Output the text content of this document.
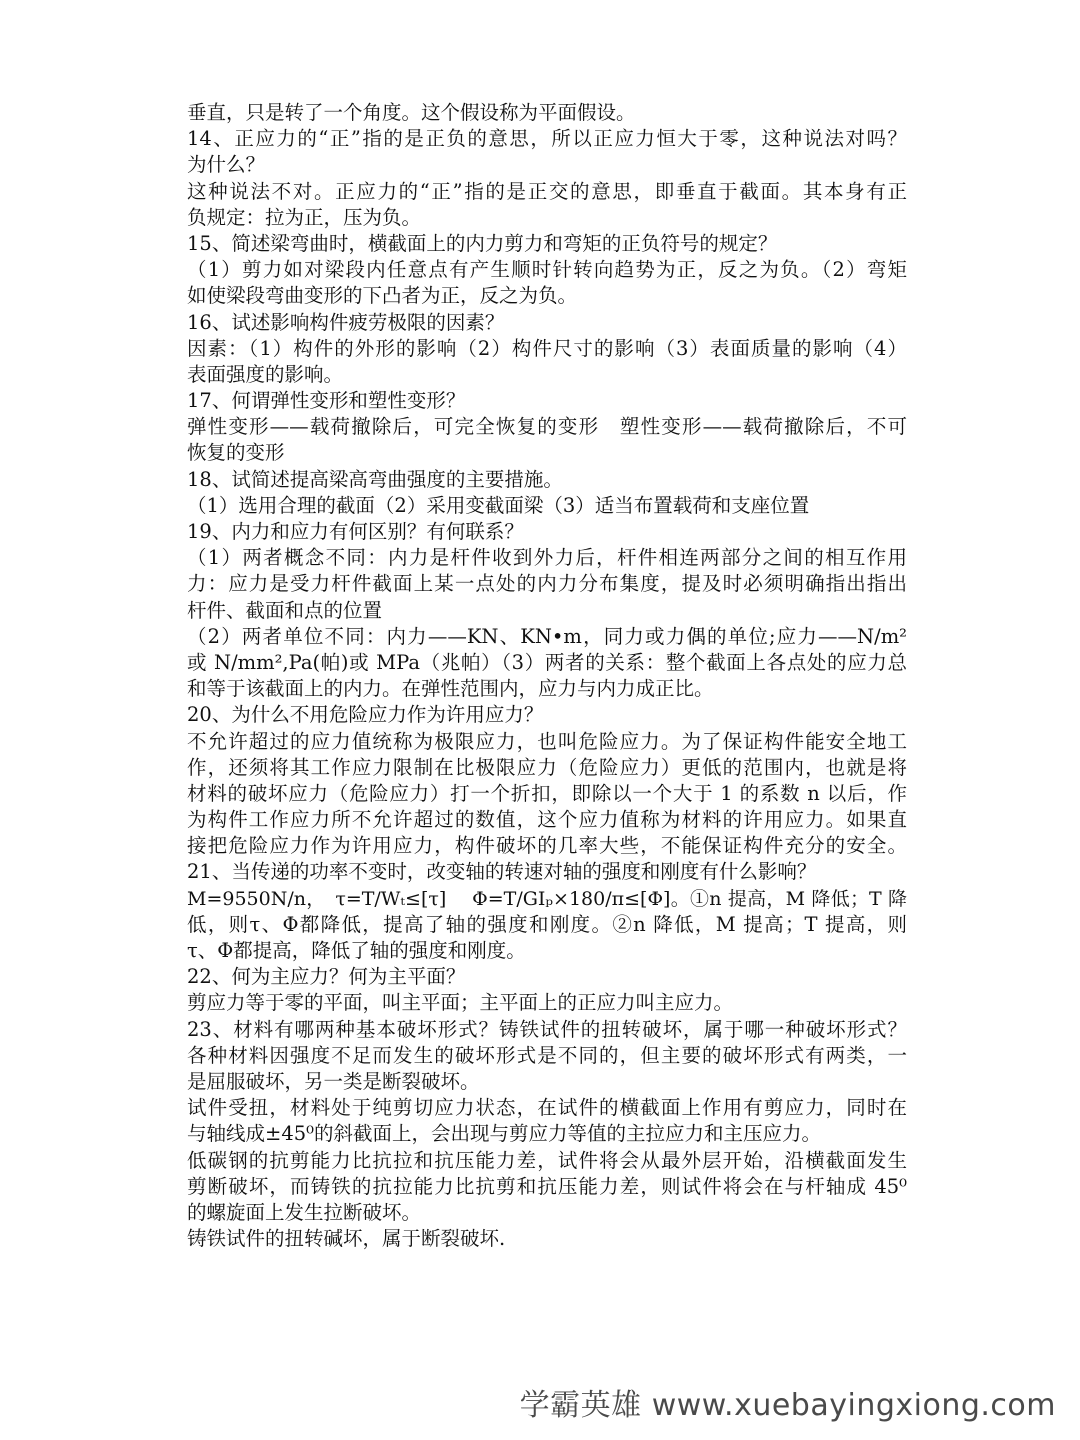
垂直，只是转了一个角度。这个假设称为平面假设。
14、正应力的“正”指的是正负的意思，所以正应力恒大于零，这种说法对吗？
为什么？
这种说法不对。正应力的“正”指的是正交的意思，即垂直于截面。其本身有正
负规定：拉为正，压为负。
15、简述梁弯曲时，横截面上的内力剪力和弯矩的正负符号的规定？
（1）剪力如对梁段内任意点有产生顺时针转向趋势为正，反之为负。（2）弯矩
如使梁段弯曲变形的下凸者为正，反之为负。
16、试述影响构件疲劳极限的因素？
因素：（1）构件的外形的影响（2）构件尺寸的影响（3）表面质量的影响（4）
表面强度的影响。
17、何谓弹性变形和塑性变形？
弹性变形——载荷撤除后，可完全恢复的变形　塑性变形——载荷撤除后，不可
恢复的变形
18、试简述提高梁高弯曲强度的主要措施。
（1）选用合理的截面（2）采用变截面梁（3）适当布置载荷和支座位置
19、内力和应力有何区别？有何联系？
（1）两者概念不同：内力是杆件收到外力后，杆件相连两部分之间的相互作用
力：应力是受力杆件截面上某一点处的内力分布集度，提及时必须明确指出指出
杆件、截面和点的位置
（2）两者单位不同：内力——KN、KN•m，同力或力偶的单位;应力——N/m²
或 N/mm²,Pa(帕)或 MPa（兆帕）（3）两者的关系：整个截面上各点处的应力总
和等于该截面上的内力。在弹性范围内，应力与内力成正比。
20、为什么不用危险应力作为许用应力？
不允许超过的应力值统称为极限应力，也叫危险应力。为了保证构件能安全地工
作，还须将其工作应力限制在比极限应力（危险应力）更低的范围内，也就是将
材料的破坏应力（危险应力）打一个折扣，即除以一个大于 1 的系数 n 以后，作
为构件工作应力所不允许超过的数值，这个应力值称为材料的许用应力。如果直
接把危险应力作为许用应力，构件破坏的几率大些，不能保证构件充分的安全。
21、当传递的功率不变时，改变轴的转速对轴的强度和刚度有什么影响？
M=9550N/n，　τ=T/Wₜ≤[τ]　 Φ=T/GIₚ×180/π≤[Φ]。①n 提高，M 降低；T 降
低，则τ、Φ都降低，提高了轴的强度和刚度。②n 降低，M 提高；T 提高，则
τ、Φ都提高，降低了轴的强度和刚度。
22、何为主应力？何为主平面？
剪应力等于零的平面，叫主平面；主平面上的正应力叫主应力。
23、材料有哪两种基本破坏形式？铸铁试件的扭转破坏，属于哪一种破坏形式？
各种材料因强度不足而发生的破坏形式是不同的，但主要的破坏形式有两类，一
是屈服破坏，另一类是断裂破坏。
试件受扭，材料处于纯剪切应力状态，在试件的横截面上作用有剪应力，同时在
与轴线成±45⁰的斜截面上，会出现与剪应力等值的主拉应力和主压应力。
低碳钢的抗剪能力比抗拉和抗压能力差，试件将会从最外层开始，沿横截面发生
剪断破坏，而铸铁的抗拉能力比抗剪和抗压能力差，则试件将会在与杆轴成 45⁰
的螺旋面上发生拉断破坏。
铸铁试件的扭转碱坏，属于断裂破坏.
学霸英雄 www.xuebayingxiong.com
